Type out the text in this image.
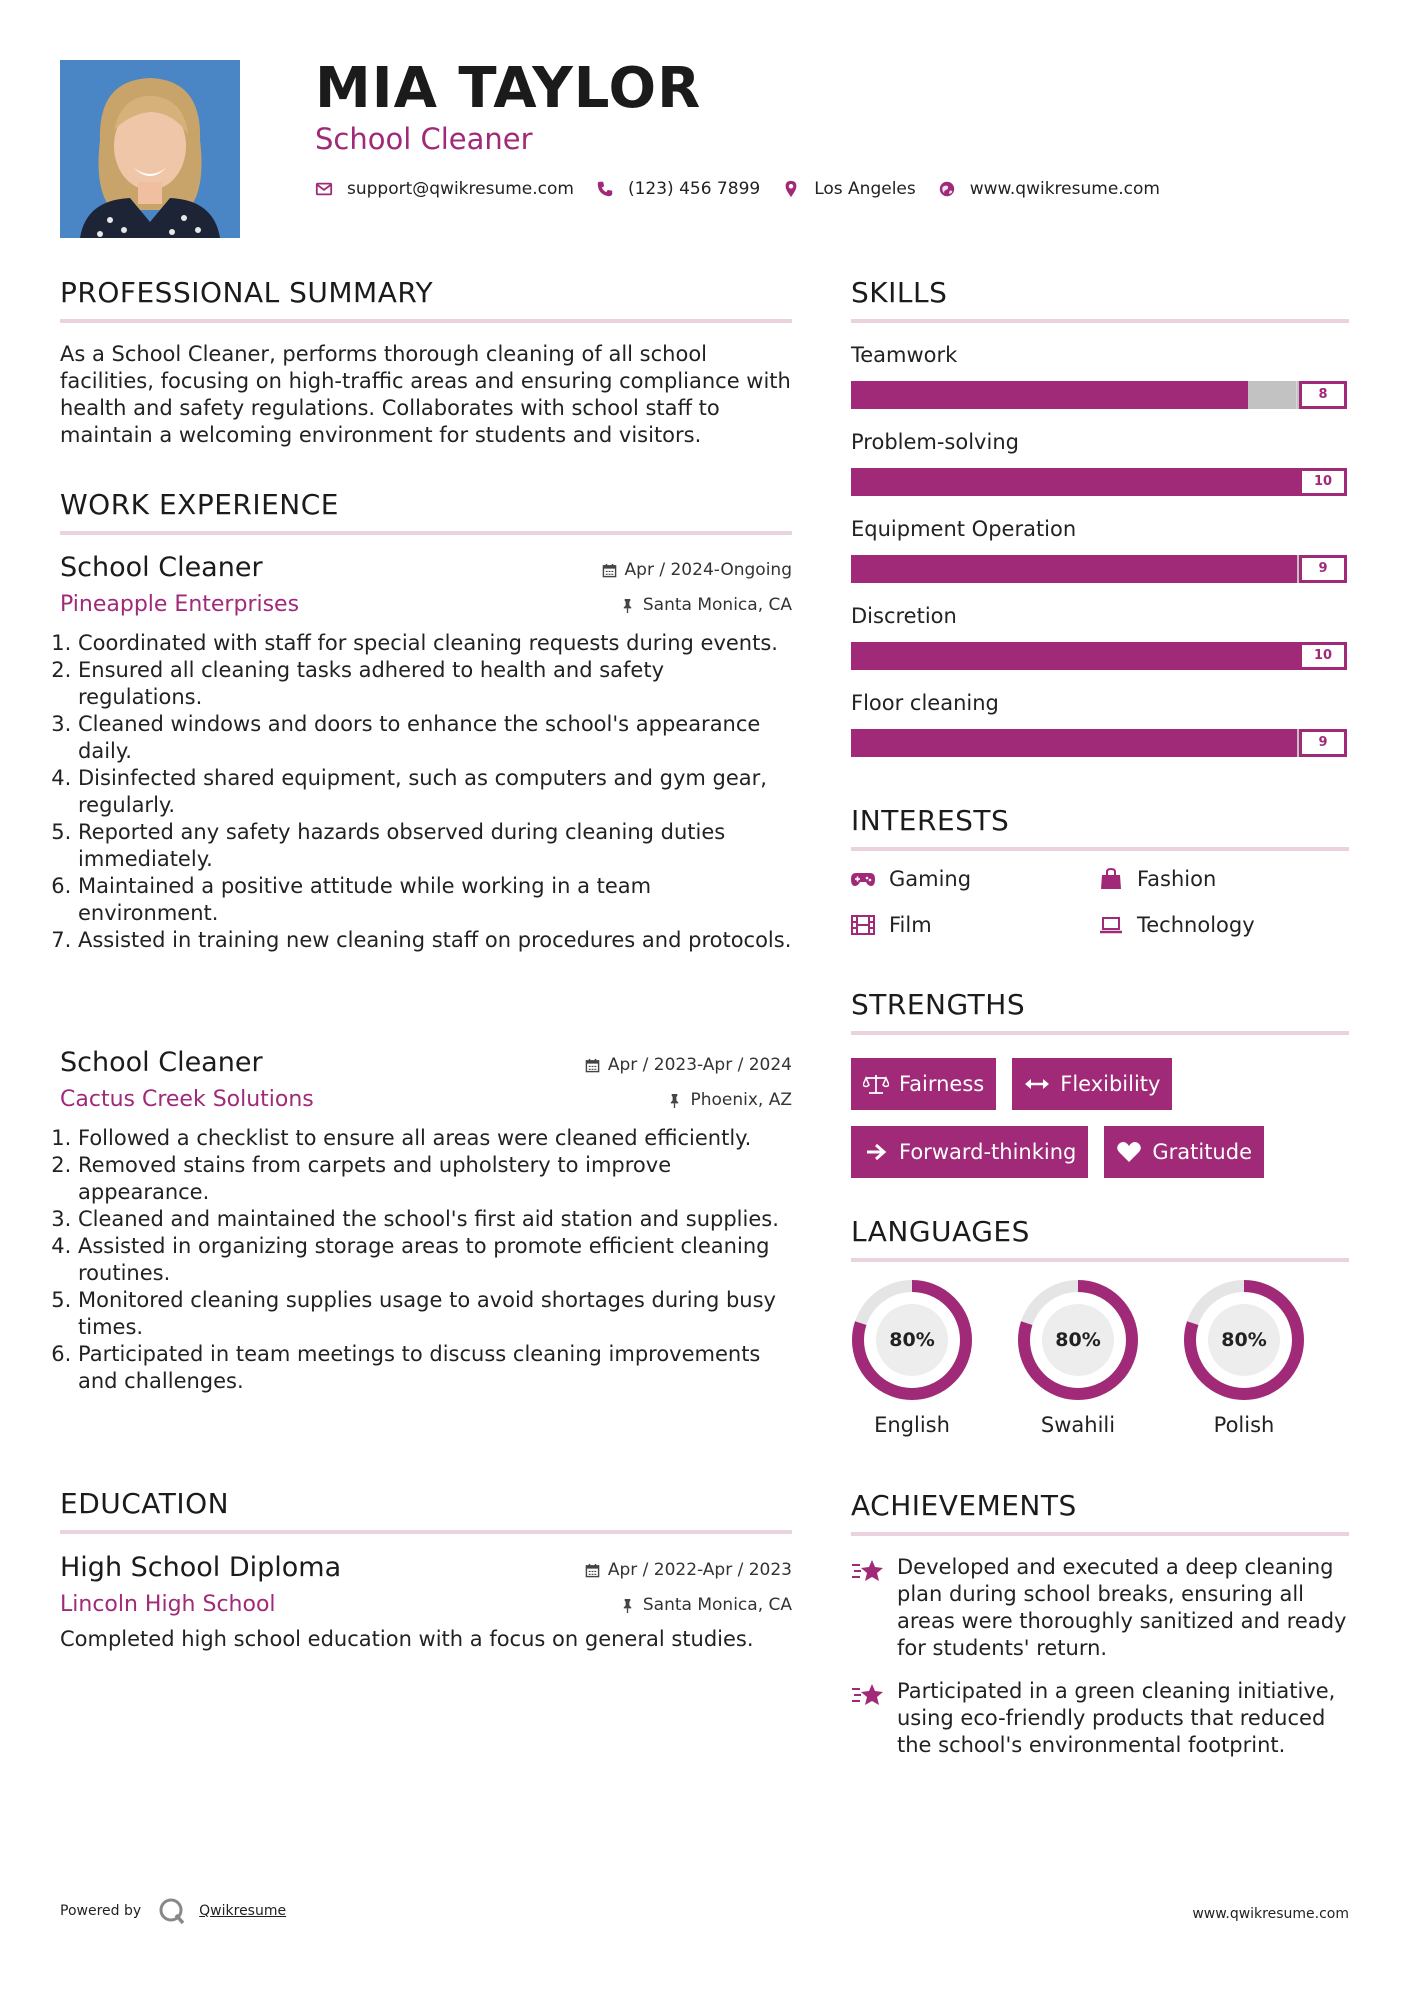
MIA TAYLOR
School Cleaner
support@qwikresume.com	(123) 456 7899	Los Angeles	www.qwikresume.com
PROFESSIONAL SUMMARY

As a School Cleaner, performs thorough cleaning of all school facilities, focusing on high-traffic areas and ensuring compliance with health and safety regulations. Collaborates with school staff to maintain a welcoming environment for students and visitors.

WORK EXPERIENCE
School Cleaner
Pineapple Enterprises
Apr / 2024-Ongoing
Santa Monica, CA
1. Coordinated with staff for special cleaning requests during events.
2. Ensured all cleaning tasks adhered to health and safety regulations.
3. Cleaned windows and doors to enhance the school's appearance daily.
4. Disinfected shared equipment, such as computers and gym gear, regularly.
5. Reported any safety hazards observed during cleaning duties immediately.
6. Maintained a positive attitude while working in a team environment.
7. Assisted in training new cleaning staff on procedures and protocols.
School Cleaner
Cactus Creek Solutions
Apr / 2023-Apr / 2024
Phoenix, AZ
1. Followed a checklist to ensure all areas were cleaned efficiently.
2. Removed stains from carpets and upholstery to improve appearance.
3. Cleaned and maintained the school's first aid station and supplies.
4. Assisted in organizing storage areas to promote efficient cleaning routines.
5. Monitored cleaning supplies usage to avoid shortages during busy times.
6. Participated in team meetings to discuss cleaning improvements and challenges.
EDUCATION
High School Diploma
Lincoln High School
Apr / 2022-Apr / 2023
Santa Monica, CA

Completed high school education with a focus on general studies.

SKILLS
Teamwork
8
Problem-solving
10
Equipment Operation
9
Discretion
10
Floor cleaning
9
INTERESTS
Gaming	Fashion
Film	Technology
STRENGTHS
Fairness	Flexibility
Forward-thinking	Gratitude
LANGUAGES
80%
English
80%
Swahili
80%
Polish
ACHIEVEMENTS
Developed and executed a deep cleaning plan during school breaks, ensuring all areas were thoroughly sanitized and ready for students' return.
Participated in a green cleaning initiative, using eco-friendly products that reduced the school's environmental footprint.
Powered by	Qwikresume	www.qwikresume.com
